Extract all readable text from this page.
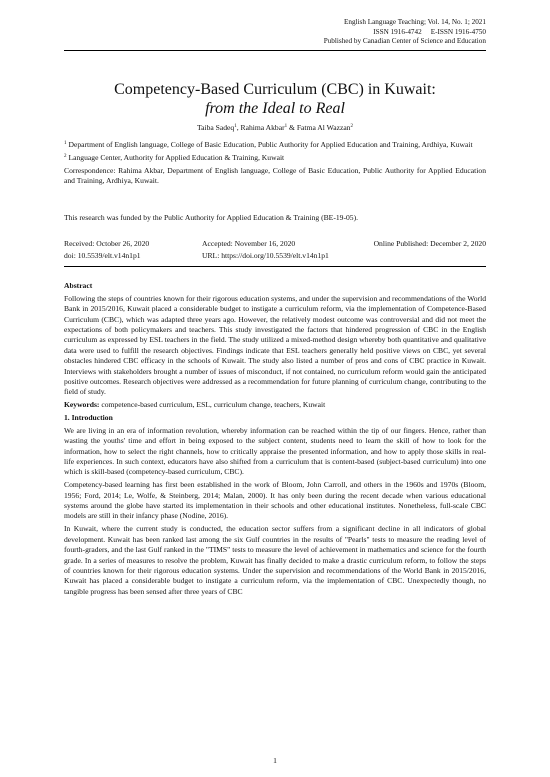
English Language Teaching; Vol. 14, No. 1; 2021
ISSN 1916-4742     E-ISSN 1916-4750
Published by Canadian Center of Science and Education
Competency-Based Curriculum (CBC) in Kuwait:
from the Ideal to Real
Taiba Sadeq$^1$, Rahima Akbar$^1$ & Fatma Al Wazzan$^2$

$^1$ Department of English language, College of Basic Education, Public Authority for Applied Education and Training, Ardhiya, Kuwait

$^2$ Language Center, Authority for Applied Education & Training, Kuwait

Correspondence: Rahima Akbar, Department of English language, College of Basic Education, Public Authority for Applied Education and Training, Ardhiya, Kuwait.

This research was funded by the Public Authority for Applied Education & Training (BE-19-05).

Received: October 26, 2020	Accepted: November 16, 2020	Online Published: December 2, 2020
doi: 10.5539/elt.v14n1p1	URL: https://doi.org/10.5539/elt.v14n1p1

Abstract

Following the steps of countries known for their rigorous education systems, and under the supervision and recommendations of the World Bank in 2015/2016, Kuwait placed a considerable budget to instigate a curriculum reform, via the implementation of Competence-Based Curriculum (CBC), which was adapted three years ago. However, the relatively modest outcome was controversial and did not meet the expectations of both policymakers and teachers. This study investigated the factors that hindered progression of CBC in the English curriculum as expressed by ESL teachers in the field. The study utilized a mixed-method design whereby both quantitative and qualitative data were used to fulfill the research objectives. Findings indicate that ESL teachers generally held positive views on CBC, yet several obstacles hindered CBC efficacy in the schools of Kuwait. The study also listed a number of pros and cons of CBC practice in Kuwait. Interviews with stakeholders brought a number of issues of misconduct, if not contained, no curriculum reform would gain the anticipated positive outcomes. Research objectives were addressed as a recommendation for future planning of curriculum change, contributing to the field of study.

Keywords: competence-based curriculum, ESL, curriculum change, teachers, Kuwait

1. Introduction

We are living in an era of information revolution, whereby information can be reached within the tip of our fingers. Hence, rather than wasting the youths' time and effort in being exposed to the subject content, students need to learn the skill of how to look for the information, how to select the right channels, how to critically appraise the presented information, and how to apply those skills in real-life experiences. In such context, educators have also shifted from a curriculum that is content-based (subject-based curriculum) into one which is skill-based (competency-based curriculum, CBC).

Competency-based learning has first been established in the work of Bloom, John Carroll, and others in the 1960s and 1970s (Bloom, 1956; Ford, 2014; Le, Wolfe, & Steinberg, 2014; Malan, 2000). It has only been during the recent decade when various educational systems around the globe have started its implementation in their schools and other educational institutes. Nonetheless, full-scale CBC models are still in their infancy phase (Nodine, 2016).

In Kuwait, where the current study is conducted, the education sector suffers from a significant decline in all indicators of global development. Kuwait has been ranked last among the six Gulf countries in the results of "Pearls" tests to measure the reading level of fourth-graders, and the last Gulf ranked in the "TIMS" tests to measure the level of achievement in mathematics and science for the fourth grade. In a series of measures to resolve the problem, Kuwait has finally decided to make a drastic curriculum reform, to follow the steps of countries known for their rigorous education systems. Under the supervision and recommendations of the World Bank in 2015/2016, Kuwait has placed a considerable budget to instigate a curriculum reform, via the implementation of CBC. Unexpectedly though, no tangible progress has been sensed after three years of CBC

1
